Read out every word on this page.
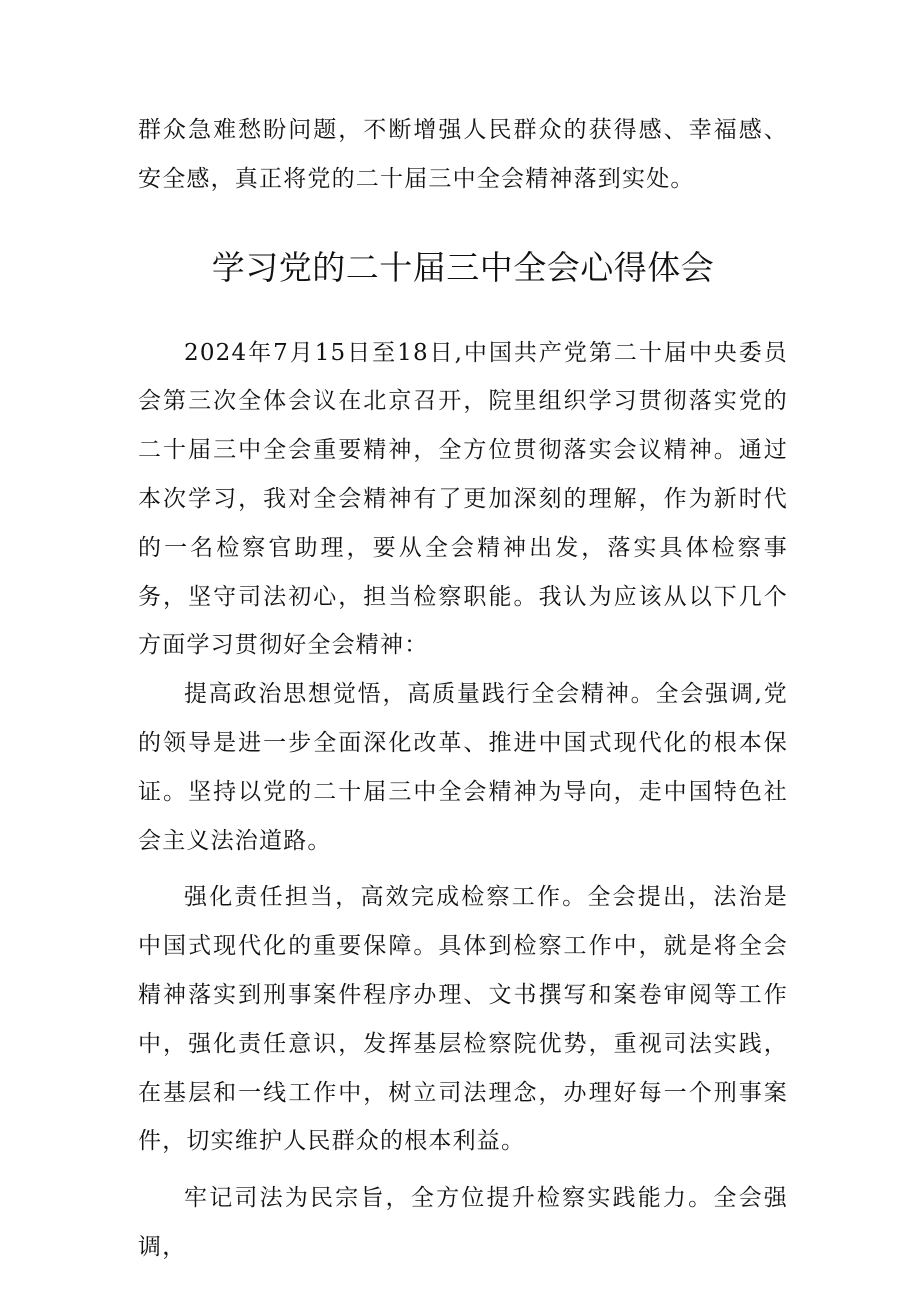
群众急难愁盼问题，不断增强人民群众的获得感、幸福感、安全感，真正将党的二十届三中全会精神落到实处。

学习党的二十届三中全会心得体会

2024年7月15日至18日,中国共产党第二十届中央委员会第三次全体会议在北京召开，院里组织学习贯彻落实党的二十届三中全会重要精神，全方位贯彻落实会议精神。通过本次学习，我对全会精神有了更加深刻的理解，作为新时代的一名检察官助理，要从全会精神出发，落实具体检察事务，坚守司法初心，担当检察职能。我认为应该从以下几个方面学习贯彻好全会精神：

提高政治思想觉悟，高质量践行全会精神。全会强调,党的领导是进一步全面深化改革、推进中国式现代化的根本保证。坚持以党的二十届三中全会精神为导向，走中国特色社会主义法治道路。

强化责任担当，高效完成检察工作。全会提出，法治是中国式现代化的重要保障。具体到检察工作中，就是将全会精神落实到刑事案件程序办理、文书撰写和案卷审阅等工作中，强化责任意识，发挥基层检察院优势，重视司法实践，在基层和一线工作中，树立司法理念，办理好每一个刑事案件，切实维护人民群众的根本利益。

牢记司法为民宗旨，全方位提升检察实践能力。全会强调，
